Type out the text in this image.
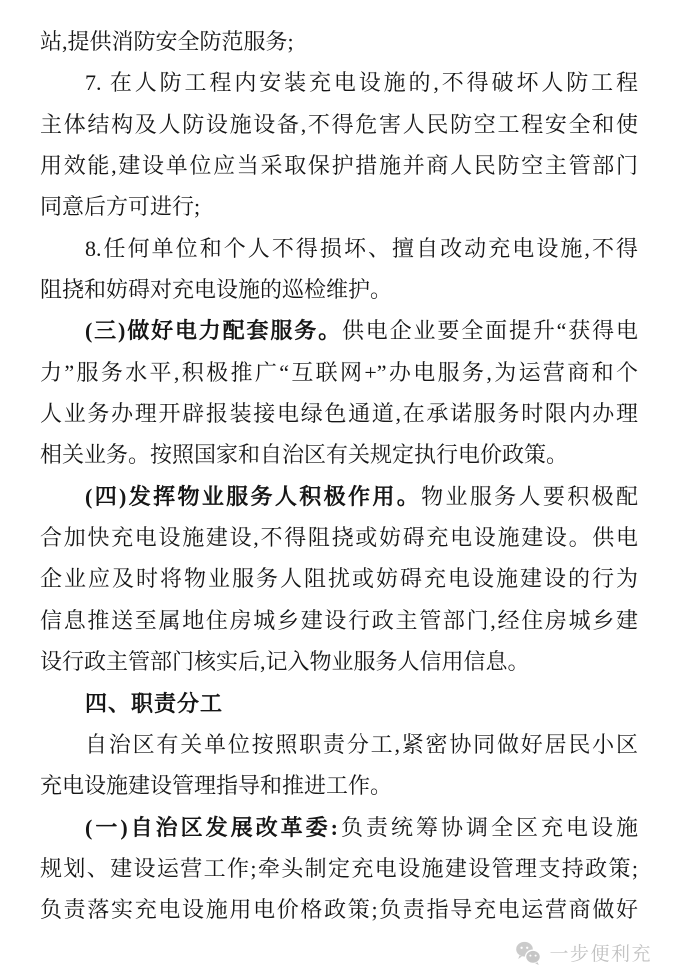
站,提供消防安全防范服务;
7. 在人防工程内安装充电设施的,不得破坏人防工程
主体结构及人防设施设备,不得危害人民防空工程安全和使
用效能,建设单位应当采取保护措施并商人民防空主管部门
同意后方可进行;
8.任何单位和个人不得损坏、擅自改动充电设施,不得
阻挠和妨碍对充电设施的巡检维护。
(三)做好电力配套服务。供电企业要全面提升“获得电
力”服务水平,积极推广“互联网+”办电服务,为运营商和个
人业务办理开辟报装接电绿色通道,在承诺服务时限内办理
相关业务。按照国家和自治区有关规定执行电价政策。
(四)发挥物业服务人积极作用。物业服务人要积极配
合加快充电设施建设,不得阻挠或妨碍充电设施建设。供电
企业应及时将物业服务人阻扰或妨碍充电设施建设的行为
信息推送至属地住房城乡建设行政主管部门,经住房城乡建
设行政主管部门核实后,记入物业服务人信用信息。
四、职责分工
自治区有关单位按照职责分工,紧密协同做好居民小区
充电设施建设管理指导和推进工作。
(一)自治区发展改革委:负责统筹协调全区充电设施
规划、建设运营工作;牵头制定充电设施建设管理支持政策;
负责落实充电设施用电价格政策;负责指导充电运营商做好
一步便利充
